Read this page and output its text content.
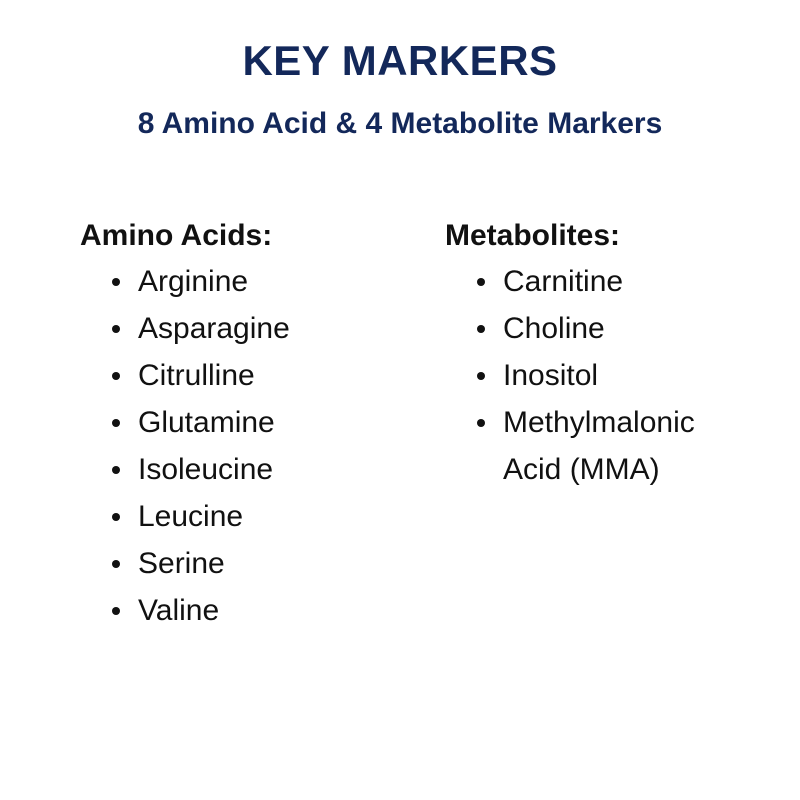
KEY MARKERS
8 Amino Acid & 4 Metabolite Markers
Amino Acids:
Arginine
Asparagine
Citrulline
Glutamine
Isoleucine
Leucine
Serine
Valine
Metabolites:
Carnitine
Choline
Inositol
Methylmalonic Acid (MMA)
